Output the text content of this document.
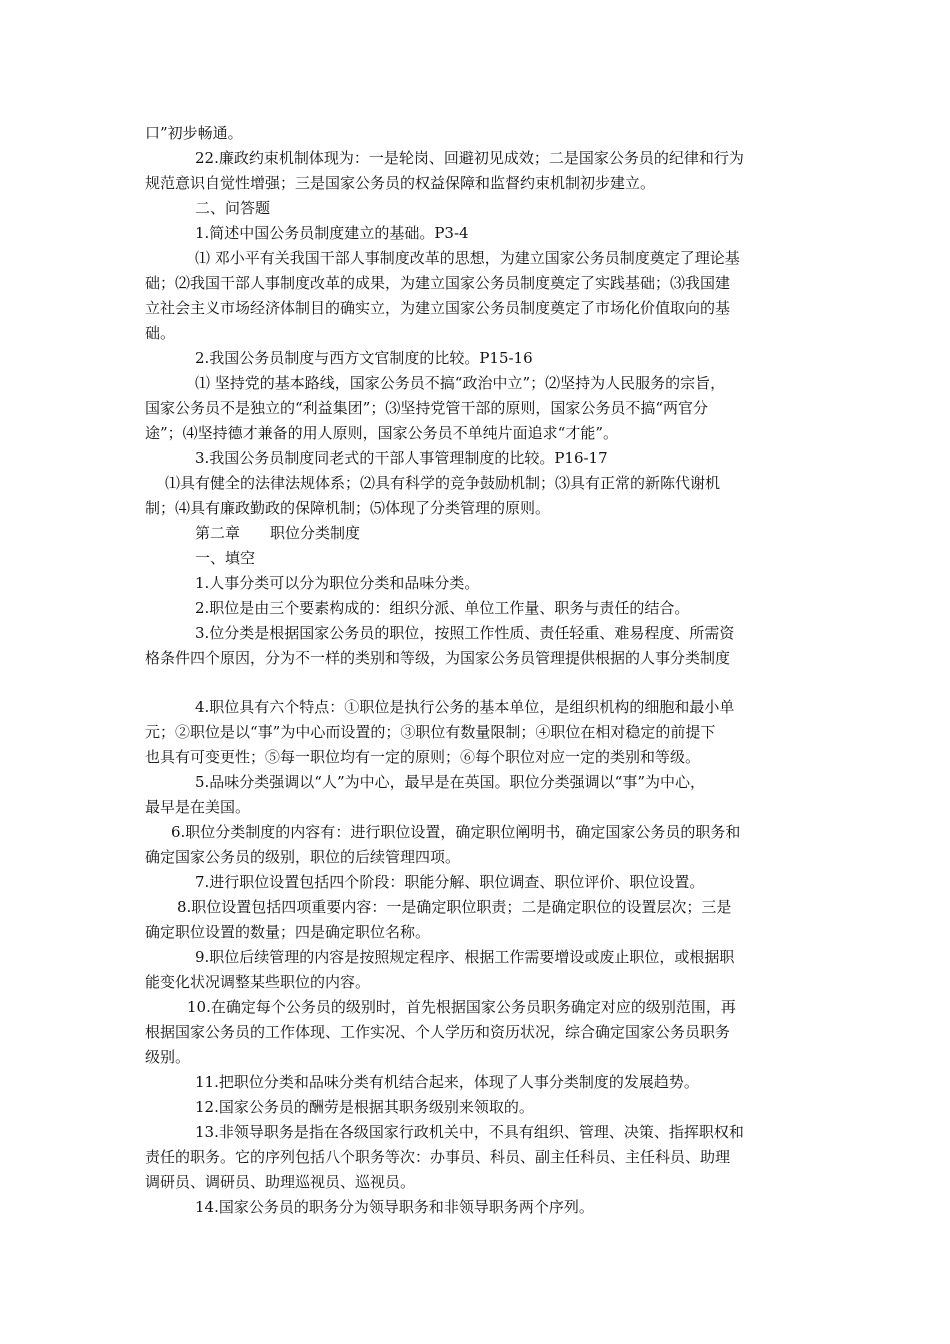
口”初步畅通。
22.廉政约束机制体现为：一是轮岗、回避初见成效；二是国家公务员的纪律和行为
规范意识自觉性增强；三是国家公务员的权益保障和监督约束机制初步建立。
二、问答题
1.简述中国公务员制度建立的基础。P3-4
⑴ 邓小平有关我国干部人事制度改革的思想，为建立国家公务员制度奠定了理论基
础；⑵我国干部人事制度改革的成果，为建立国家公务员制度奠定了实践基础；⑶我国建
立社会主义市场经济体制目的确实立，为建立国家公务员制度奠定了市场化价值取向的基
础。
2.我国公务员制度与西方文官制度的比较。P15-16
⑴ 坚持党的基本路线，国家公务员不搞“政治中立”；⑵坚持为人民服务的宗旨，
国家公务员不是独立的“利益集团”；⑶坚持党管干部的原则，国家公务员不搞“两官分
途”；⑷坚持德才兼备的用人原则，国家公务员不单纯片面追求“才能”。
3.我国公务员制度同老式的干部人事管理制度的比较。P16-17
⑴具有健全的法律法规体系；⑵具有科学的竞争鼓励机制；⑶具有正常的新陈代谢机
制；⑷具有廉政勤政的保障机制；⑸体现了分类管理的原则。
第二章　　职位分类制度
一、填空
1.人事分类可以分为职位分类和品味分类。
2.职位是由三个要素构成的：组织分派、单位工作量、职务与责任的结合。
3.位分类是根据国家公务员的职位，按照工作性质、责任轻重、难易程度、所需资
格条件四个原因，分为不一样的类别和等级，为国家公务员管理提供根据的人事分类制度
4.职位具有六个特点：①职位是执行公务的基本单位，是组织机构的细胞和最小单
元；②职位是以“事”为中心而设置的；③职位有数量限制；④职位在相对稳定的前提下
也具有可变更性；⑤每一职位均有一定的原则；⑥每个职位对应一定的类别和等级。
5.品味分类强调以“人”为中心，最早是在英国。职位分类强调以“事”为中心，
最早是在美国。
6.职位分类制度的内容有：进行职位设置，确定职位阐明书，确定国家公务员的职务和
确定国家公务员的级别，职位的后续管理四项。
7.进行职位设置包括四个阶段：职能分解、职位调查、职位评价、职位设置。
8.职位设置包括四项重要内容：一是确定职位职责；二是确定职位的设置层次；三是
确定职位设置的数量；四是确定职位名称。
9.职位后续管理的内容是按照规定程序、根据工作需要增设或废止职位，或根据职
能变化状况调整某些职位的内容。
10.在确定每个公务员的级别时，首先根据国家公务员职务确定对应的级别范围，再
根据国家公务员的工作体现、工作实况、个人学历和资历状况，综合确定国家公务员职务
级别。
11.把职位分类和品味分类有机结合起来，体现了人事分类制度的发展趋势。
12.国家公务员的酬劳是根据其职务级别来领取的。
13.非领导职务是指在各级国家行政机关中，不具有组织、管理、决策、指挥职权和
责任的职务。它的序列包括八个职务等次：办事员、科员、副主任科员、主任科员、助理
调研员、调研员、助理巡视员、巡视员。
14.国家公务员的职务分为领导职务和非领导职务两个序列。
